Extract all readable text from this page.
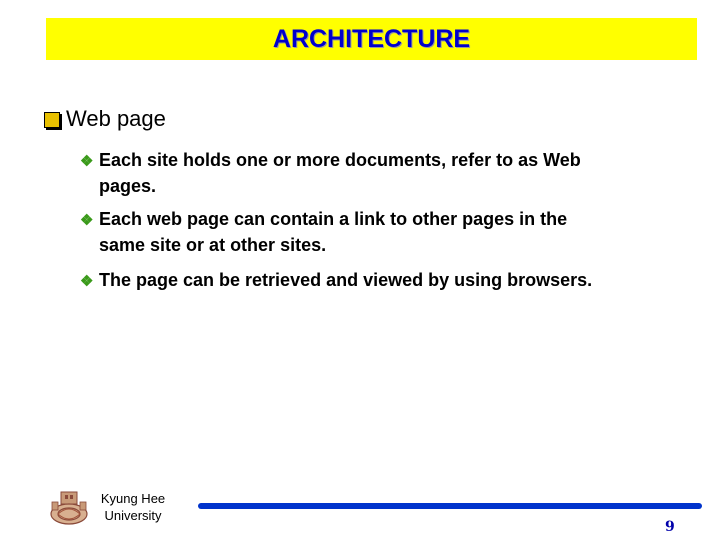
ARCHITECTURE
Web page
❖ Each site holds one or more documents, refer to as Web
pages.
❖ Each web page can contain a link to other pages in the
same site or at other sites.
❖ The page can be retrieved and viewed by using browsers.
Kyung Hee
University
9
